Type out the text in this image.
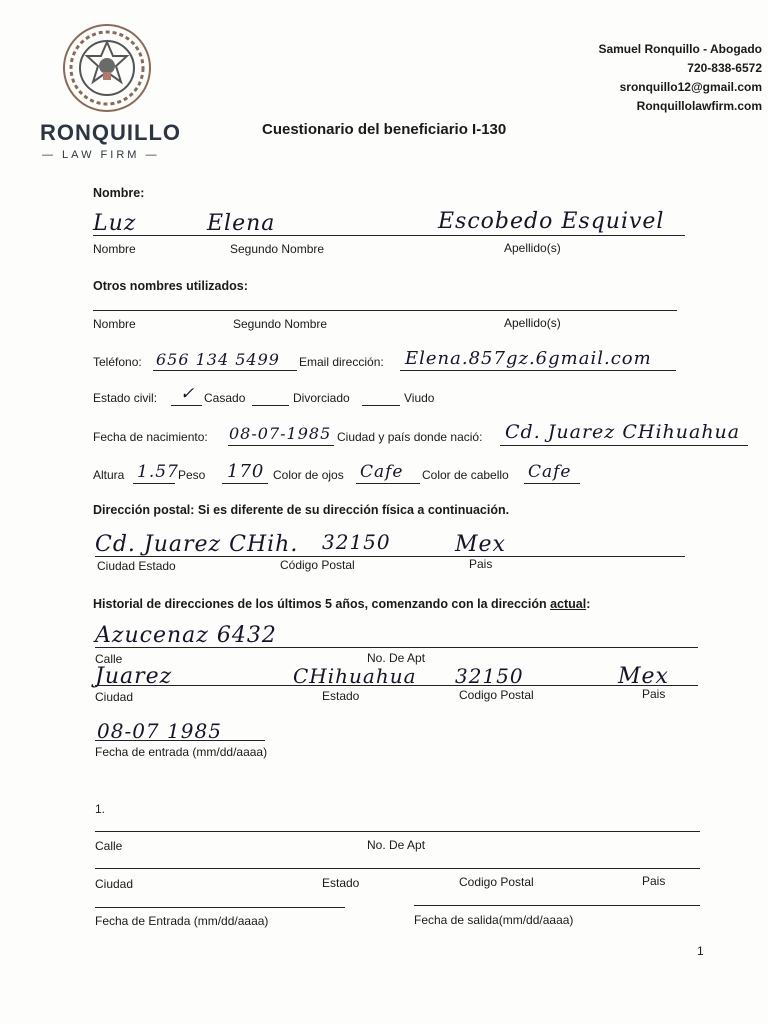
RONQUILLO
— LAW FIRM —
Samuel Ronquillo - Abogado
720-838-6572
sronquillo12@gmail.com
Ronquillolawfirm.com
Cuestionario del beneficiario I-130
Nombre:
Luz	Elena	Escobedo Esquivel
Nombre	Segundo Nombre	Apellido(s)
Otros nombres utilizados:
Nombre	Segundo Nombre	Apellido(s)
Teléfono: 656 134 5499 Email dirección: Elena.857gz.6gmail.com
Estado civil: ✓ Casado	Divorciado	Viudo
Fecha de nacimiento: 08-07-1985 Ciudad y país donde nació: Cd. Juarez CHihuahua
Altura 1.57 Peso 170 Color de ojos Cafe Color de cabello Cafe
Dirección postal: Si es diferente de su dirección física a continuación.
Cd. Juarez CHih. 32150	Mex
Ciudad Estado	Código Postal	Pais
Historial de direcciones de los últimos 5 años, comenzando con la dirección actual:
Azucenaz 6432
Calle	No. De Apt
Juarez	CHihuahua 32150	Mex
Ciudad	Estado	Codigo Postal	Pais
08-07 1985
Fecha de entrada (mm/dd/aaaa)
1.
Calle	No. De Apt
Ciudad	Estado	Codigo Postal	Pais
Fecha de Entrada (mm/dd/aaaa)	Fecha de salida(mm/dd/aaaa)
1
